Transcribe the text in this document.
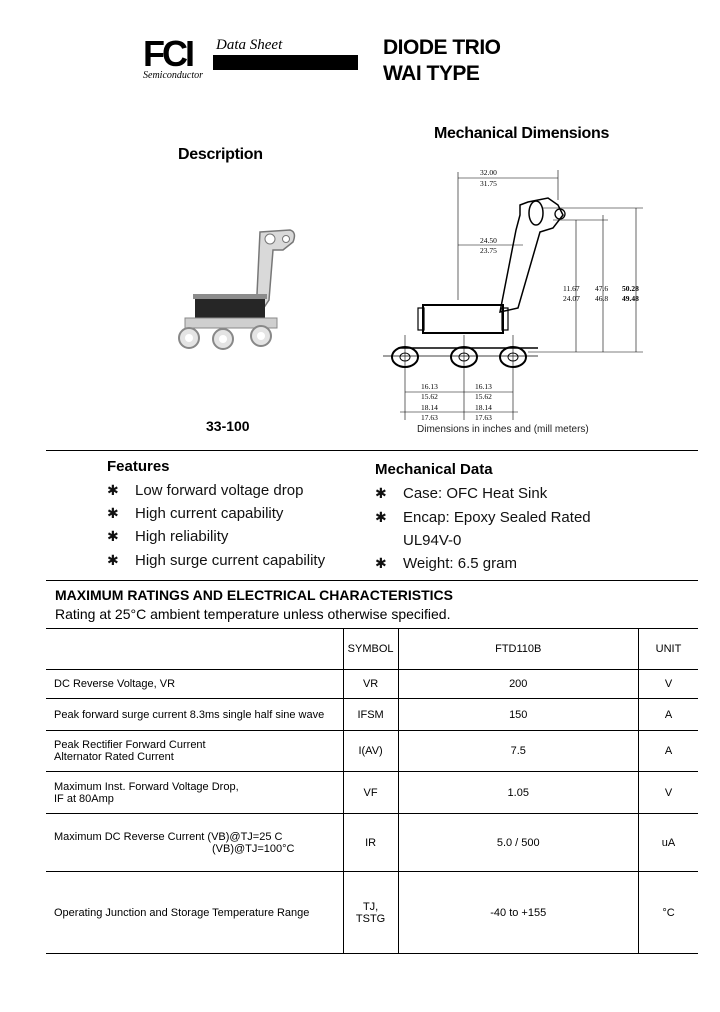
FCI Data Sheet
Semiconductor
DIODE TRIO
WAI TYPE
Mechanical Dimensions
Description
33-100
32.00
31.75
24.50
23.75
11.67
24.07
47.6
46.8
50.28
49.48
16.13
15.62
16.13
15.62
18.14
17.63
18.14
17.63
Dimensions in inches and (mill meters)
Features
✱ Low forward voltage drop
✱ High current capability
✱ High reliability
✱ High surge current capability
Mechanical Data
✱ Case: OFC Heat Sink
✱ Encap: Epoxy Sealed Rated
UL94V-0
✱ Weight: 6.5 gram
MAXIMUM RATINGS AND ELECTRICAL CHARACTERISTICS
Rating at 25°C ambient temperature unless otherwise specified.
	SYMBOL	FTD110B	UNIT

DC Reverse Voltage, VR	VR	200	V

Peak forward surge current 8.3ms single half sine wave	IFSM	150	A

Peak Rectifier Forward Current
Alternator Rated Current	I(AV)	7.5	A

Maximum Inst. Forward Voltage Drop,
IF at 80Amp	VF	1.05	V

Maximum DC Reverse Current (VB)@TJ=25 C
(VB)@TJ=100°C	IR	5.0 / 500	uA

Operating Junction and Storage Temperature Range	TJ, TSTG	-40 to +155	°C
